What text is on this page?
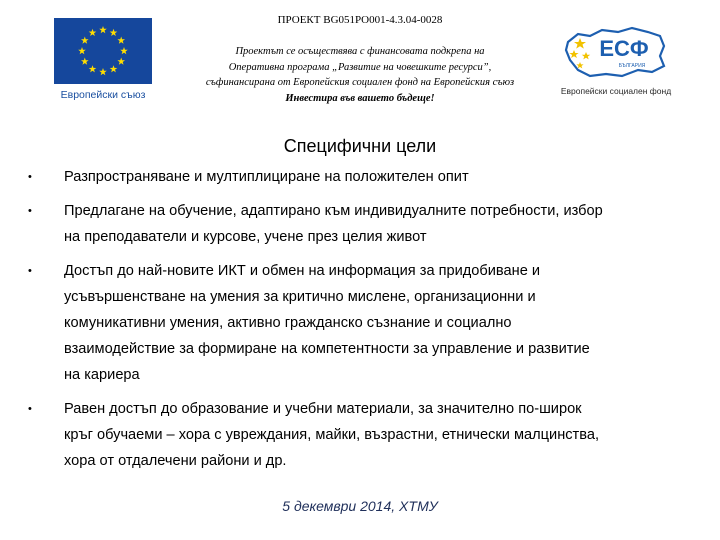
Европейски съюз
ПРОЕКТ BG051PO001-4.3.04-0028
Проектът се осъществява с финансовата подкрепа на
Оперативна програма „Развитие на човешките ресурси”,
съфинансирана от Европейския социален фонд на Европейския съюз
Инвестира във вашето бъдеще!
ЕСФ
БЪЛГАРИЯ
Европейски социален фонд
Специфични цели
• Разпространяване и мултиплициране на положителен опит
• Предлагане на обучение, адаптирано към индивидуалните потребности, избор
на преподаватели и курсове, учене през целия живот
• Достъп до най-новите ИКТ и обмен на информация за придобиване и
усъвършенстване на умения за критично мислене, организационни и
комуникативни умения, активно гражданско съзнание и социално
взаимодействие за формиране на компетентности за управление и развитие
на кариера
• Равен достъп до образование и учебни материали, за значително по-широк
кръг обучаеми – хора с увреждания, майки, възрастни, етнически малцинства,
хора от отдалечени райони и др.
5 декември 2014, ХТМУ
